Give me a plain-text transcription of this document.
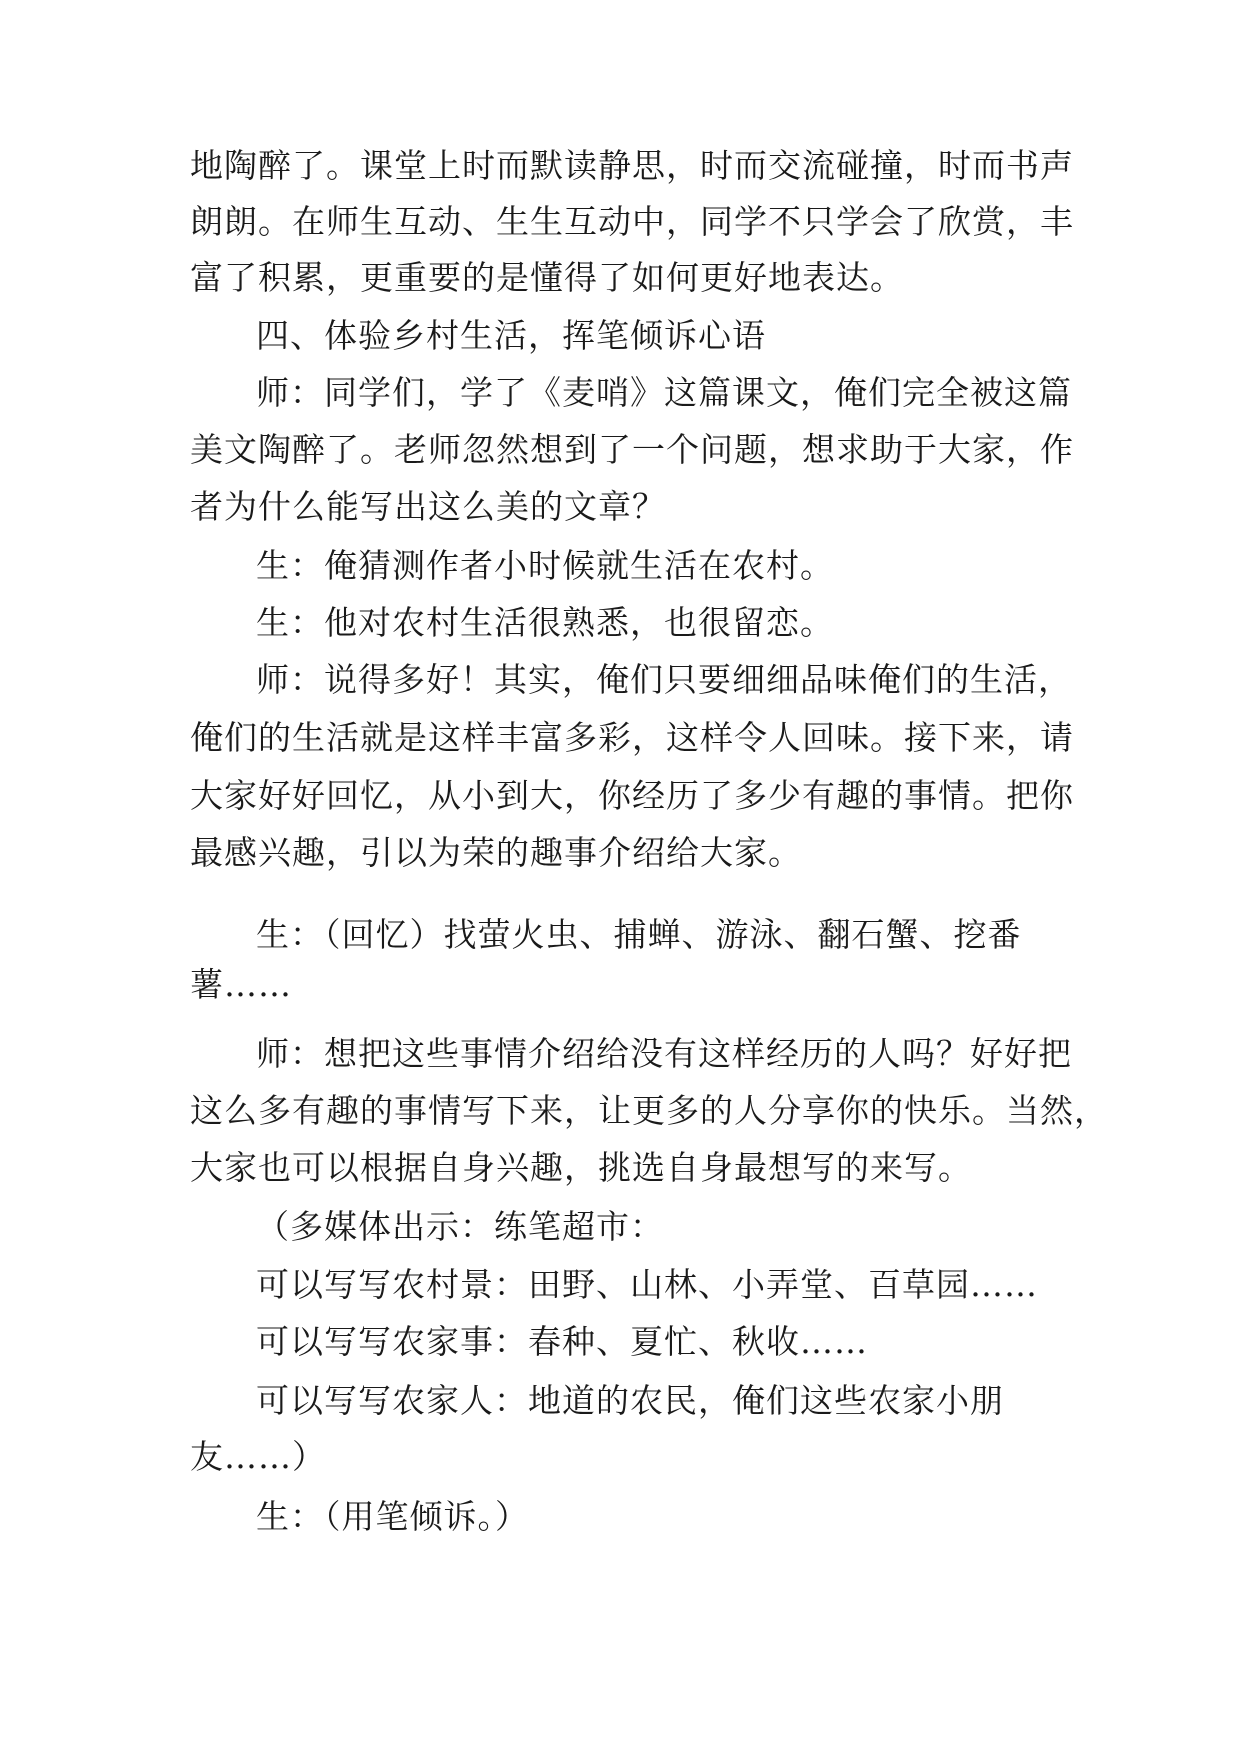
地陶醉了。课堂上时而默读静思，时而交流碰撞，时而书声
朗朗。在师生互动、生生互动中，同学不只学会了欣赏，丰
富了积累，更重要的是懂得了如何更好地表达。
四、体验乡村生活，挥笔倾诉心语
师：同学们，学了《麦哨》这篇课文，俺们完全被这篇
美文陶醉了。老师忽然想到了一个问题，想求助于大家，作
者为什么能写出这么美的文章？
生：俺猜测作者小时候就生活在农村。
生：他对农村生活很熟悉，也很留恋。
师：说得多好！其实，俺们只要细细品味俺们的生活，
俺们的生活就是这样丰富多彩，这样令人回味。接下来，请
大家好好回忆，从小到大，你经历了多少有趣的事情。把你
最感兴趣，引以为荣的趣事介绍给大家。
生：（回忆）找萤火虫、捕蝉、游泳、翻石蟹、挖番
薯……
师：想把这些事情介绍给没有这样经历的人吗？好好把
这么多有趣的事情写下来，让更多的人分享你的快乐。当然，
大家也可以根据自身兴趣，挑选自身最想写的来写。
（多媒体出示：练笔超市：
可以写写农村景：田野、山林、小弄堂、百草园……
可以写写农家事：春种、夏忙、秋收……
可以写写农家人：地道的农民，俺们这些农家小朋
友……）
生：（用笔倾诉。）
